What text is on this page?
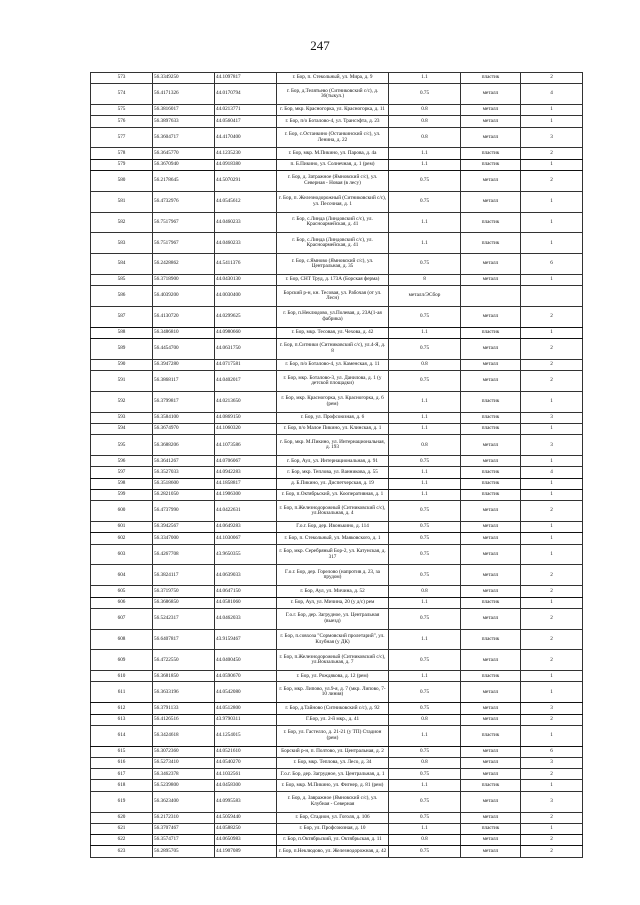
247
573	56.3349250	44.1097817	г. Бор, п. Стекольный, ул. Мира, д. 9	1.1	пластик	2
574	56.4171326	44.0170794	г. Бор, д.Телятьево (Ситниковский с/с), д. 36(тыкул.)	0.75	металл	4
575	56.3816017	44.0213771	г. Бор, мкр. Красногорка, ул. Красногорка, д. 11	0.8	металл	1
576	56.3897633	44.0560417	г. Бор, п/о Боталово-4, ул. Трансэфта, д. 23	0.8	металл	1
577	56.3604717	44.4170400	г. Бор, с.Останкино (Останкинский с/с), ул. Ленина, д. 22	0.8	металл	3
578	56.3645770	44.1235230	г. Бор, мкр. М.Пикино, ул. Парова, д. 4а	1.1	пластик	2
579	56.3670940	44.0918380	п. Б.Пикино, ул. Солнечная, д. 1 (рем)	1.1	пластик	1
580	56.2178645	44.5070291	г. Бор, д. Затражное (Ямновский с/с), ул. Северная - Новая (в лесу)	0.75	металл	2
581	56.4732976	44.0545612	г. Бор, п. Железнодорожный (Ситниковский с/с), ул. Песочная, д. 1	0.75	металл	1
582	56.7517967	44.0460233	г. Бор, с.Линда (Линдовский с/с), ул. Красноармейская, д. 41	1.1	пластик	1
583	56.7517967	44.0460233	г. Бор, с.Линда (Линдовский с/с), ул. Красноармейская, д. 41	1.1	пластик	1
584	56.2428862	44.5411376	г. Бор, с.Ямново (Ямновский с/с), ул. Центральная, д. 35	0.75	металл	6
585	56.3718900	44.0430130	г. Бор, СНТ Труд, д. 173А (Борская ферма)	8	металл	1
586	56.4039200	44.0030400	Борский р-н, кн. Тесовая, ул. Рабочая (от ул. Лесн)	металл/ЭСбор		
587	56.4130720	44.0299625	г. Бор, п.Неклюдово, ул.Полевая, д. 23А(1-ая фабрика)	0.75	металл	2
588	56.3486810	44.0980660	г. Бор, мкр. Тесовая, ул. Чехова, д. 42	1.1	пластик	1
589	56.4454700	44.0631750	г. Бор, п.Ситники (Ситниковский с/с), ул.4-Я, д. 8	0.75	металл	2
590	56.3947280	44.0717581	г. Бор, п/о Боталово-4, ул. Каменская, д. 11	0.8	металл	2
591	56.3868117	44.0402017	г. Бор, мкр. Боталово-3, ул. Данилова, д. 1 (у детской площадки)	0.75	металл	2
592	56.3799817	44.0213650	г. Бор, мкр. Красногорка, ул. Красногорка, д. 6 (рем)	1.1	пластик	1
593	56.3584100	44.0869150	г. Бор, ул. Профсоюзная, д. 6	1.1	пластик	3
594	56.3674970	44.1060320	г. Бор, п/о Малое Пикино, ул. Клинская, д. 1	1.1	пластик	1
595	56.3688206	44.1073586	г. Бор, мкр. М.Пикино, ул. Интернациональная, д. 193	0.8	металл	3
596	56.3641267	44.0706067	г. Бор, Аул, ул. Интернациональная, д. 91	0.75	металл	1
597	56.3527033	44.0942283	г. Бор, мкр. Теплова, ул. Ванникова, д. 55	1.1	пластик	4
598	56.3518600	44.1858817	д. Б.Пикино, ул. Диспетчерская, д. 19	1.1	пластик	1
599	56.2821050	44.1906300	г. Бор, п.Октябрьский, ул. Кооперативная, д. 1	1.1	пластик	1
600	56.4737990	44.0422631	г. Бор, п.Железнодорожный (Ситниковский с/с), ул.Вокзальная, д. 4	0.75	металл	2
601	56.3942567	44.0649283	Г.о.г. Бор, дер. Ивонькино, д. 114	0.75	металл	1
602	56.3347000	44.1030067	г. Бор, п. Стекольный, ул. Маяковского, д. 1	0.75	металл	1
603	56.4267708	43.9650355	г. Бор, мкр. Серебряный Бор-2, ул. Катунская, д. 317	0.75	металл	1
604	56.3824117	44.0639033	Г.о.г. Бор, дер. Горелово (напротив д. 23, за прудом)	0.75	металл	2
605	56.3719750	44.0647150	г. Бор, Аул, ул. Мичина, д. 52	0.8	металл	2
606	56.3686850	44.0581060	г. Бор, Аул, ул. Мичина, 20 (у д/с) рем	1.1	пластик	1
607	56.5242317	44.0462033	Г.о.г. Бор, дер. Загрудное, ул. Центральная (выезд)	0.75	металл	2
608	56.6407817	43.9159467	г. Бор, п.совхоза "Сормовский пролетарий", ул. Клубная (у ДК)	1.1	пластик	2
609	56.4722550	44.0400450	г. Бор, п.Железнодорожный (Ситниковский с/с), ул.Вокзальная, д. 7	0.75	металл	2
610	56.3681850	44.0590670	г. Бор, ул. Рождякова, д. 12 (рем)	1.1	пластик	1
611	56.3633196	44.0542080	г. Бор, мкр. Липово, ул.9-я, д. 7 (мкр. Липово, 7-10 линия)	0.75	металл	1
612	56.3791133	44.0512800	г. Бор, д.Тайново (Ситниковский с/с), д. 92	0.75	металл	3
613	56.4126516	43.9790311	Г.Бор, ул. 2-й мкр., д. 41	0.8	металл	2
614	56.3424618	44.1254015	г. Бор, ул. Гастелло, д. 21-21 (у ТП) Стадион (рем)	1.1	пластик	1
615	56.3072360	44.0521610	Борский р-н, п. Полтово, ул. Центральная, д. 2	0.75	металл	6
616	56.5273410	44.0540270	г. Бор, мкр. Теплова, ул. Лесо, д. 34	0.8	металл	3
617	56.3462378	44.1032561	Г.о.г. Бор, дер. Загрудное, ул. Центральная, д. 1	0.75	металл	2
618	56.5239800	44.0458300	г. Бор, мкр. М.Пикино, ул. Фигнер, д. 81 (рем)	1.1	пластик	1
619	56.3623400	44.0995583	г. Бор, д. Завражное (Ямновский с/с), ул. Клубная - Северная	0.75	металл	3
620	56.2172310	44.5059440	г. Бор, Стадион, ул. Гоголя, д. 106	0.75	металл	2
621	56.3707467	44.0588250	г. Бор, ул. Профсоюзная, д. 10	1.1	пластик	1
622	56.3574717	44.0650983	г. Бор, п.Октябрьский, ул. Октябрьская, д. 11	0.8	металл	2
623	56.2895705	44.1907089	г. Бор, п.Неклюдово, ул. Железнодорожная, д. 42	0.75	металл	2
